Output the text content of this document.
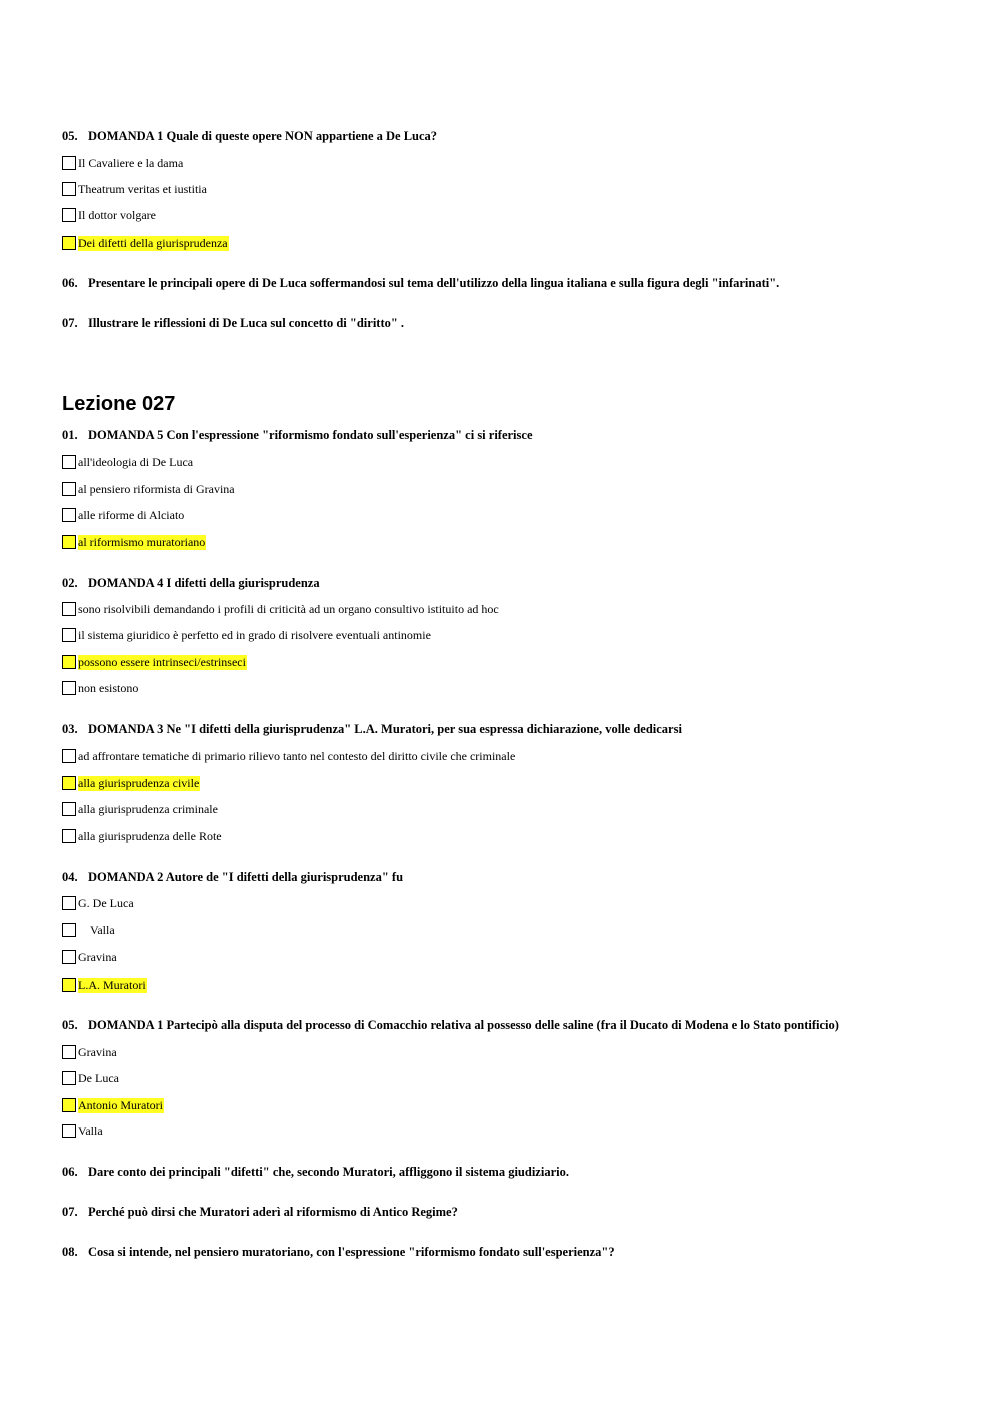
05. DOMANDA 1 Quale di queste opere NON appartiene a De Luca?
Il Cavaliere e la dama
Theatrum veritas et iustitia
Il dottor volgare
Dei difetti della giurisprudenza
06. Presentare le principali opere di De Luca soffermandosi sul tema dell'utilizzo della lingua italiana e sulla figura degli "infarinati".
07. Illustrare le riflessioni di De Luca sul concetto di "diritto" .
Lezione 027
01. DOMANDA 5 Con l'espressione "riformismo fondato sull'esperienza" ci si riferisce
all'ideologia di De Luca
al pensiero riformista di Gravina
alle riforme di Alciato
al riformismo muratoriano
02. DOMANDA 4 I difetti della giurisprudenza
sono risolvibili demandando i profili di criticità ad un organo consultivo istituito ad hoc
il sistema giuridico è perfetto ed in grado di risolvere eventuali antinomie
possono essere intrinseci/estrinseci
non esistono
03. DOMANDA 3 Ne "I difetti della giurisprudenza" L.A. Muratori, per sua espressa dichiarazione, volle dedicarsi
ad affrontare tematiche di primario rilievo tanto nel contesto del diritto civile che criminale
alla giurisprudenza civile
alla giurisprudenza criminale
alla giurisprudenza delle Rote
04. DOMANDA 2 Autore de "I difetti della giurisprudenza" fu
G. De Luca
Valla
Gravina
L.A. Muratori
05. DOMANDA 1 Partecipò alla disputa del processo di Comacchio relativa al possesso delle saline (fra il Ducato di Modena e lo Stato pontificio)
Gravina
De Luca
Antonio Muratori
Valla
06. Dare conto dei principali "difetti" che, secondo Muratori, affliggono il sistema giudiziario.
07. Perché può dirsi che Muratori aderì al riformismo di Antico Regime?
08. Cosa si intende, nel pensiero muratoriano, con l'espressione "riformismo fondato sull'esperienza"?
